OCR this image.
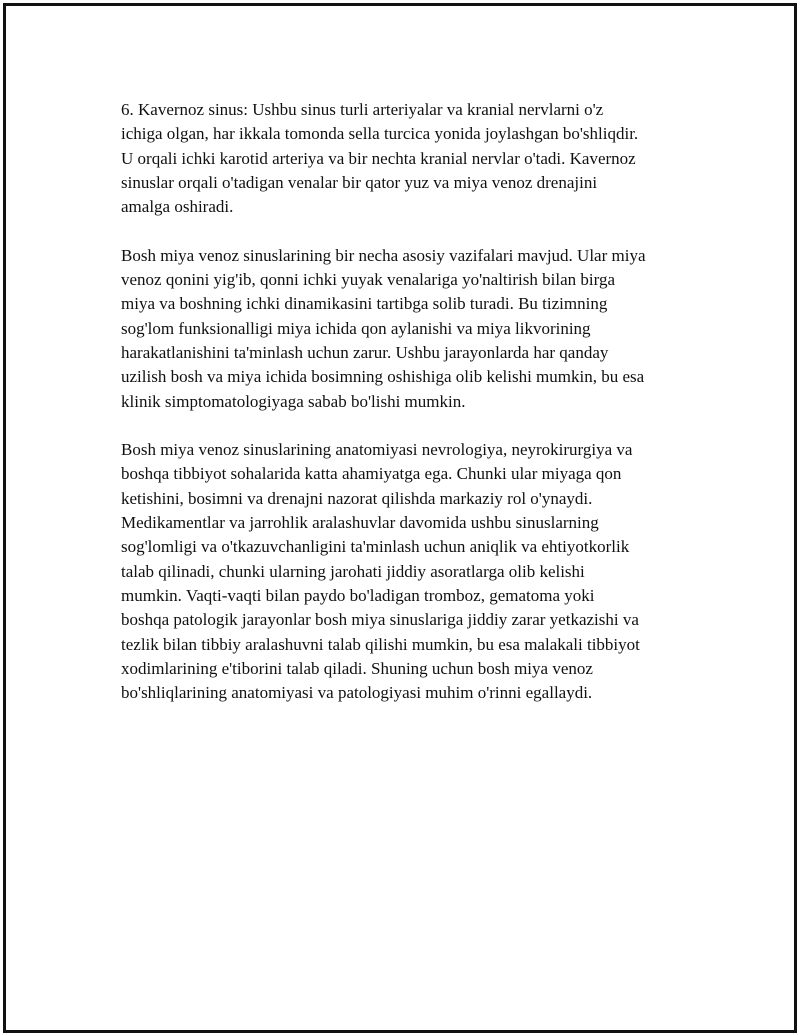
6. Kavernoz sinus: Ushbu sinus turli arteriyalar va kranial nervlarni o'z
ichiga olgan, har ikkala tomonda sella turcica yonida joylashgan bo'shliqdir.
U orqali ichki karotid arteriya va bir nechta kranial nervlar o'tadi. Kavernoz
sinuslar orqali o'tadigan venalar bir qator yuz va miya venoz drenajini
amalga oshiradi.

Bosh miya venoz sinuslarining bir necha asosiy vazifalari mavjud. Ular miya
venoz qonini yig'ib, qonni ichki yuyak venalariga yo'naltirish bilan birga
miya va boshning ichki dinamikasini tartibga solib turadi. Bu tizimning
sog'lom funksionalligi miya ichida qon aylanishi va miya likvorining
harakatlanishini ta'minlash uchun zarur. Ushbu jarayonlarda har qanday
uzilish bosh va miya ichida bosimning oshishiga olib kelishi mumkin, bu esa
klinik simptomatologiyaga sabab bo'lishi mumkin.

Bosh miya venoz sinuslarining anatomiyasi nevrologiya, neyrokirurgiya va
boshqa tibbiyot sohalarida katta ahamiyatga ega. Chunki ular miyaga qon
ketishini, bosimni va drenajni nazorat qilishda markaziy rol o'ynaydi.
Medikamentlar va jarrohlik aralashuvlar davomida ushbu sinuslarning
sog'lomligi va o'tkazuvchanligini ta'minlash uchun aniqlik va ehtiyotkorlik
talab qilinadi, chunki ularning jarohati jiddiy asoratlarga olib kelishi
mumkin. Vaqti-vaqti bilan paydo bo'ladigan tromboz, gematoma yoki
boshqa patologik jarayonlar bosh miya sinuslariga jiddiy zarar yetkazishi va
tezlik bilan tibbiy aralashuvni talab qilishi mumkin, bu esa malakali tibbiyot
xodimlarining e'tiborini talab qiladi. Shuning uchun bosh miya venoz
bo'shliqlarining anatomiyasi va patologiyasi muhim o'rinni egallaydi.
